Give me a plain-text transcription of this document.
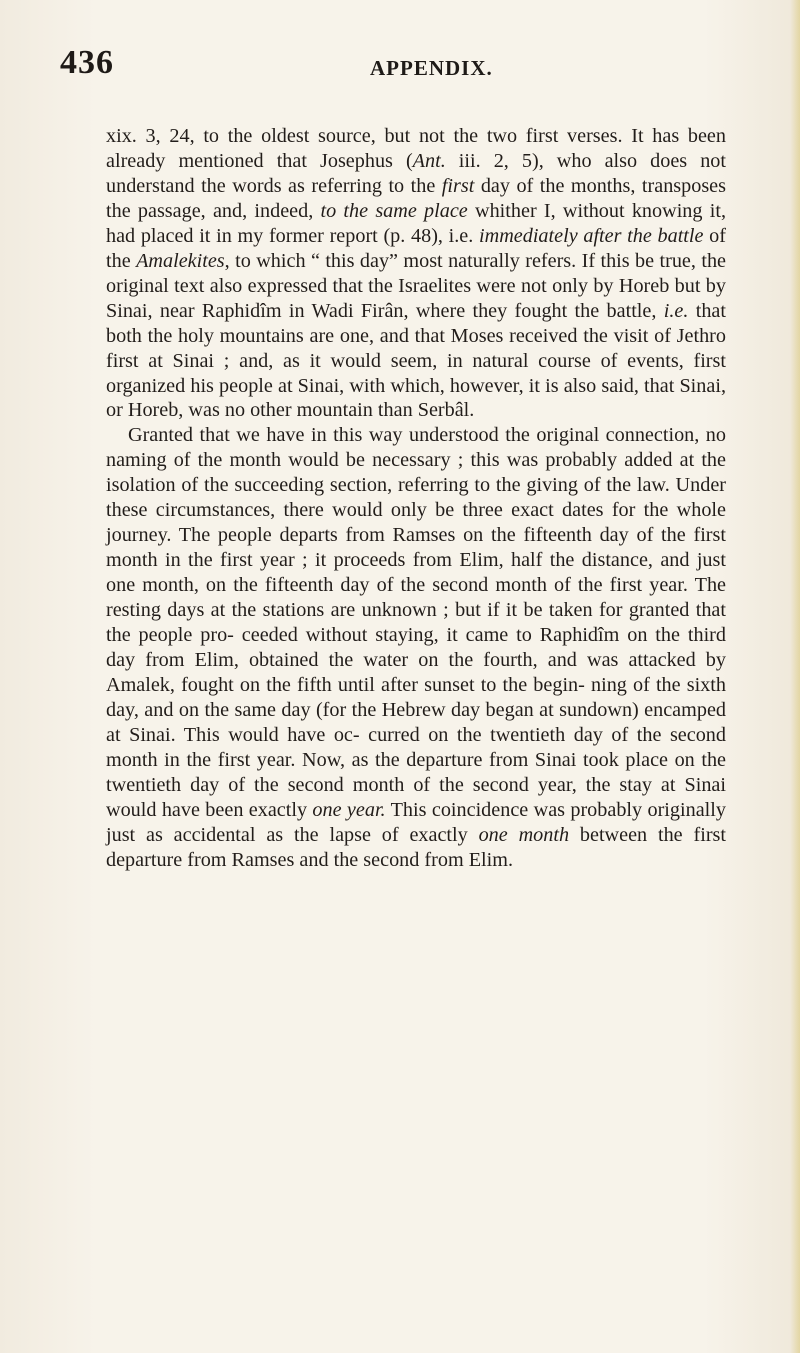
436	APPENDIX.

xix. 3, 24, to the oldest source, but not the two first verses. It has been already mentioned that Josephus (Ant. iii. 2, 5), who also does not understand the words as referring to the first day of the months, transposes the passage, and, indeed, to the same place whither I, without knowing it, had placed it in my former report (p. 48), i.e. immediately after the battle of the Amalekites, to which “ this day” most naturally refers. If this be true, the original text also expressed that the Israelites were not only by Horeb but by Sinai, near Raphidîm in Wadi Firân, where they fought the battle, i.e. that both the holy mountains are one, and that Moses received the visit of Jethro first at Sinai ; and, as it would seem, in natural course of events, first organized his people at Sinai, with which, however, it is also said, that Sinai, or Horeb, was no other mountain than Serbâl.

Granted that we have in this way understood the original connection, no naming of the month would be necessary ; this was probably added at the isolation of the succeeding section, referring to the giving of the law. Under these circumstances, there would only be three exact dates for the whole journey. The people departs from Ramses on the fifteenth day of the first month in the first year ; it proceeds from Elim, half the distance, and just one month, on the fifteenth day of the second month of the first year. The resting days at the stations are unknown ; but if it be taken for granted that the people pro- ceeded without staying, it came to Raphidîm on the third day from Elim, obtained the water on the fourth, and was attacked by Amalek, fought on the fifth until after sunset to the begin- ning of the sixth day, and on the same day (for the Hebrew day began at sundown) encamped at Sinai. This would have oc- curred on the twentieth day of the second month in the first year. Now, as the departure from Sinai took place on the twentieth day of the second month of the second year, the stay at Sinai would have been exactly one year. This coincidence was probably originally just as accidental as the lapse of exactly one month between the first departure from Ramses and the second from Elim.
